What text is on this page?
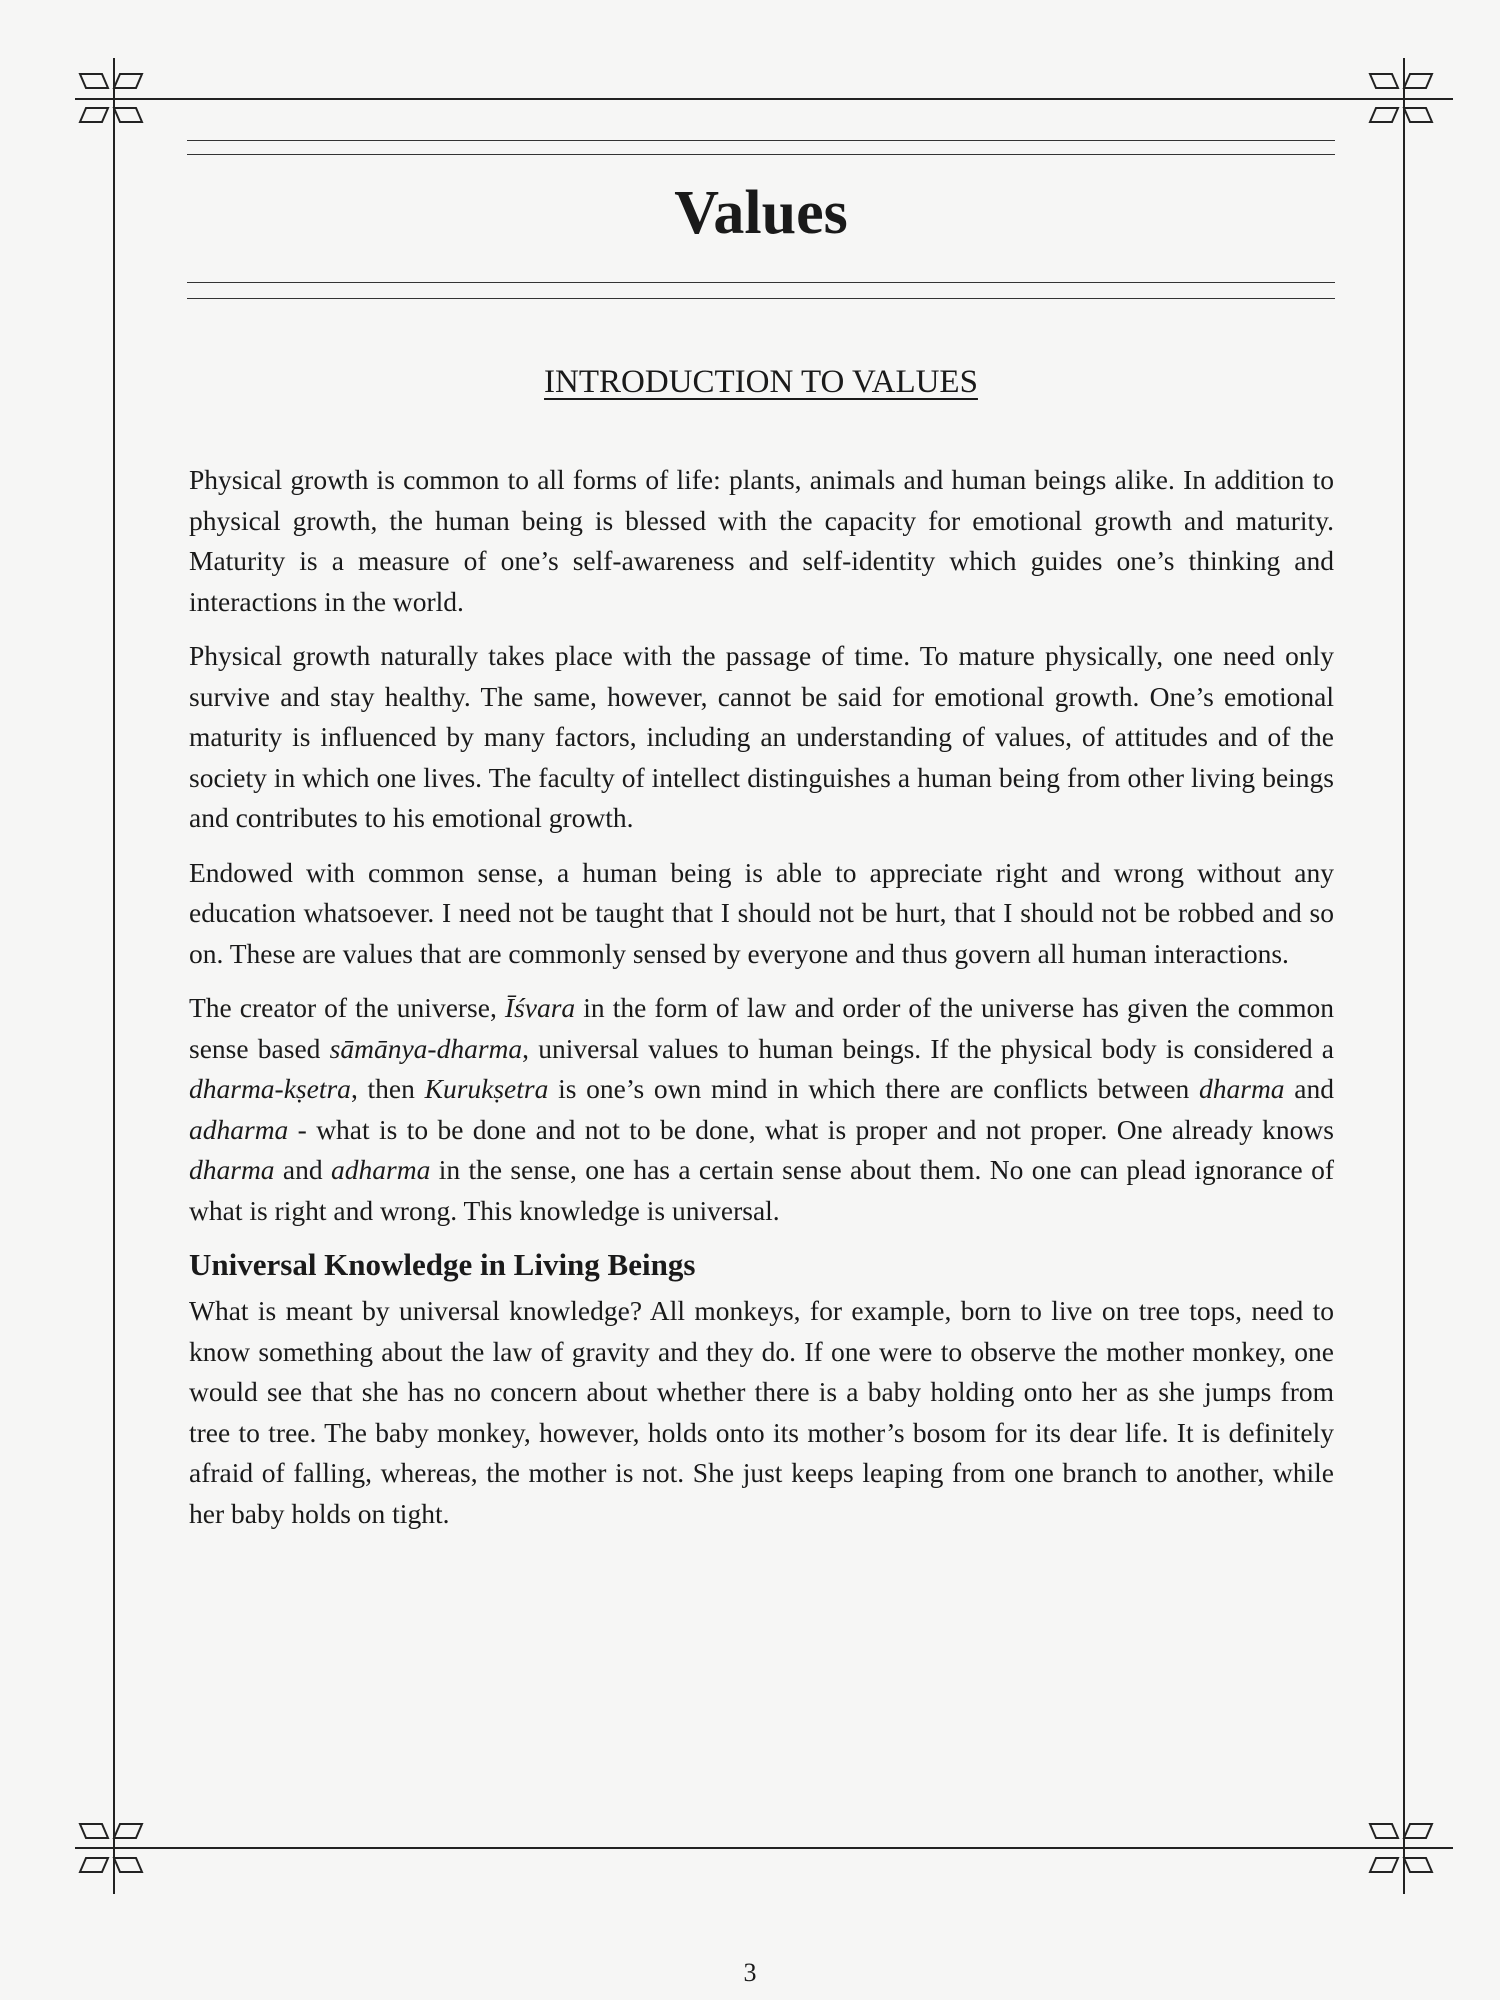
Values
INTRODUCTION TO VALUES

Physical growth is common to all forms of life: plants, animals and human beings alike. In addition to physical growth, the human being is blessed with the capacity for emotional growth and maturity. Maturity is a measure of one’s self-awareness and self-identity which guides one’s thinking and interactions in the world.

Physical growth naturally takes place with the passage of time. To mature physically, one need only survive and stay healthy. The same, however, cannot be said for emotional growth. One’s emotional maturity is influenced by many factors, including an understanding of values, of attitudes and of the society in which one lives. The faculty of intellect distinguishes a human being from other living beings and contributes to his emotional growth.

Endowed with common sense, a human being is able to appreciate right and wrong without any education whatsoever. I need not be taught that I should not be hurt, that I should not be robbed and so on. These are values that are commonly sensed by everyone and thus govern all human interactions.

The creator of the universe, Īśvara in the form of law and order of the universe has given the common sense based sāmānya-dharma, universal values to human beings. If the physical body is considered a dharma-kṣetra, then Kurukṣetra is one’s own mind in which there are conflicts between dharma and adharma - what is to be done and not to be done, what is proper and not proper. One already knows dharma and adharma in the sense, one has a certain sense about them. No one can plead ignorance of what is right and wrong. This knowledge is universal.

Universal Knowledge in Living Beings

What is meant by universal knowledge? All monkeys, for example, born to live on tree tops, need to know something about the law of gravity and they do. If one were to observe the mother monkey, one would see that she has no concern about whether there is a baby holding onto her as she jumps from tree to tree. The baby monkey, however, holds onto its mother’s bosom for its dear life. It is definitely afraid of falling, whereas, the mother is not. She just keeps leaping from one branch to another, while her baby holds on tight.

3
